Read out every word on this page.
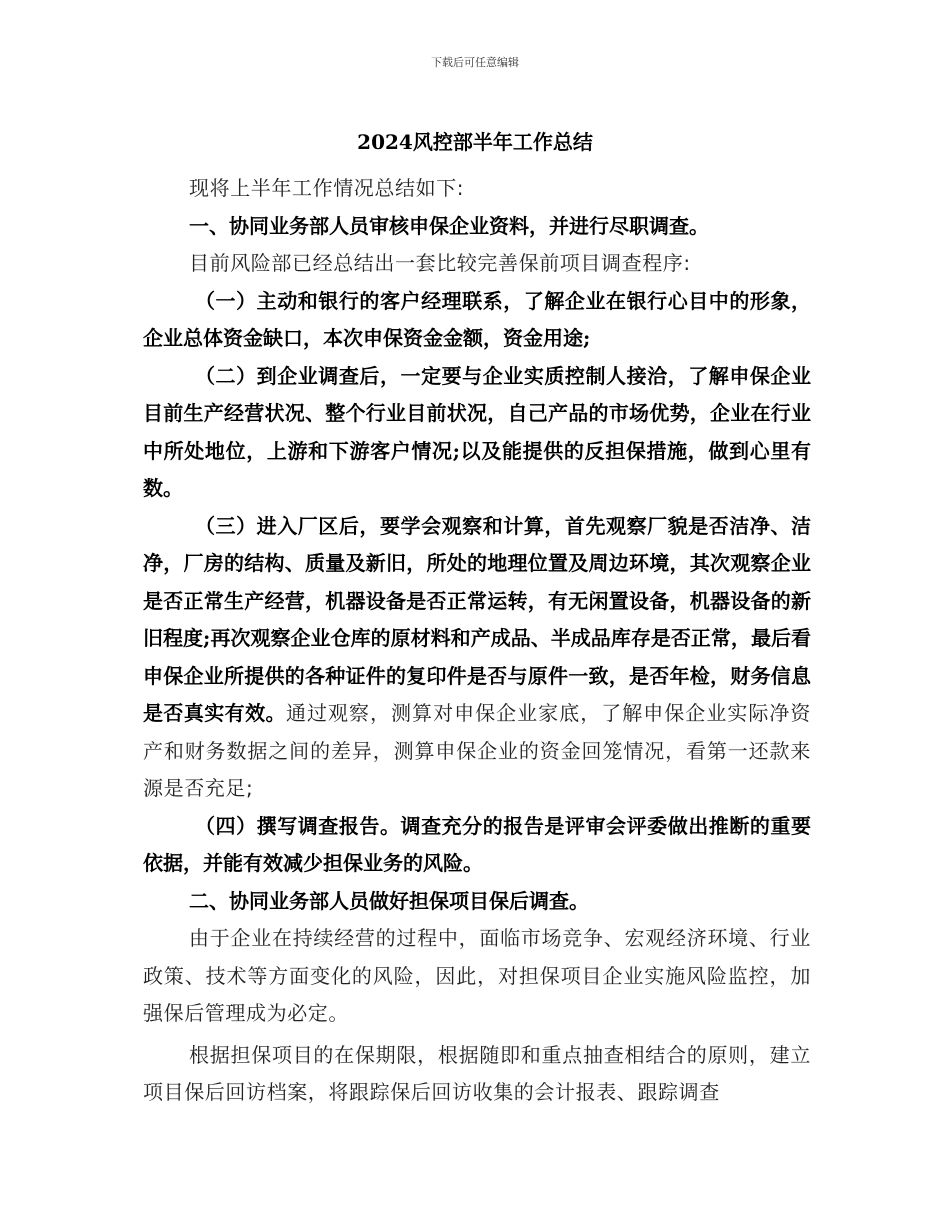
下载后可任意编辑
2024风控部半年工作总结

现将上半年工作情况总结如下:

一、协同业务部人员审核申保企业资料，并进行尽职调查。

目前风险部已经总结出一套比较完善保前项目调查程序:

（一）主动和银行的客户经理联系，了解企业在银行心目中的形象，企业总体资金缺口，本次申保资金金额，资金用途;

（二）到企业调查后，一定要与企业实质控制人接洽，了解申保企业目前生产经营状况、整个行业目前状况，自己产品的市场优势，企业在行业中所处地位，上游和下游客户情况;以及能提供的反担保措施，做到心里有数。

（三）进入厂区后，要学会观察和计算，首先观察厂貌是否洁净、洁净，厂房的结构、质量及新旧，所处的地理位置及周边环境，其次观察企业是否正常生产经营，机器设备是否正常运转，有无闲置设备，机器设备的新旧程度;再次观察企业仓库的原材料和产成品、半成品库存是否正常，最后看申保企业所提供的各种证件的复印件是否与原件一致，是否年检，财务信息是否真实有效。通过观察，测算对申保企业家底，了解申保企业实际净资产和财务数据之间的差异，测算申保企业的资金回笼情况，看第一还款来源是否充足;

（四）撰写调查报告。调查充分的报告是评审会评委做出推断的重要依据，并能有效减少担保业务的风险。

二、协同业务部人员做好担保项目保后调查。

由于企业在持续经营的过程中，面临市场竞争、宏观经济环境、行业政策、技术等方面变化的风险，因此，对担保项目企业实施风险监控，加强保后管理成为必定。

根据担保项目的在保期限，根据随即和重点抽查相结合的原则，建立项目保后回访档案，将跟踪保后回访收集的会计报表、跟踪调查
